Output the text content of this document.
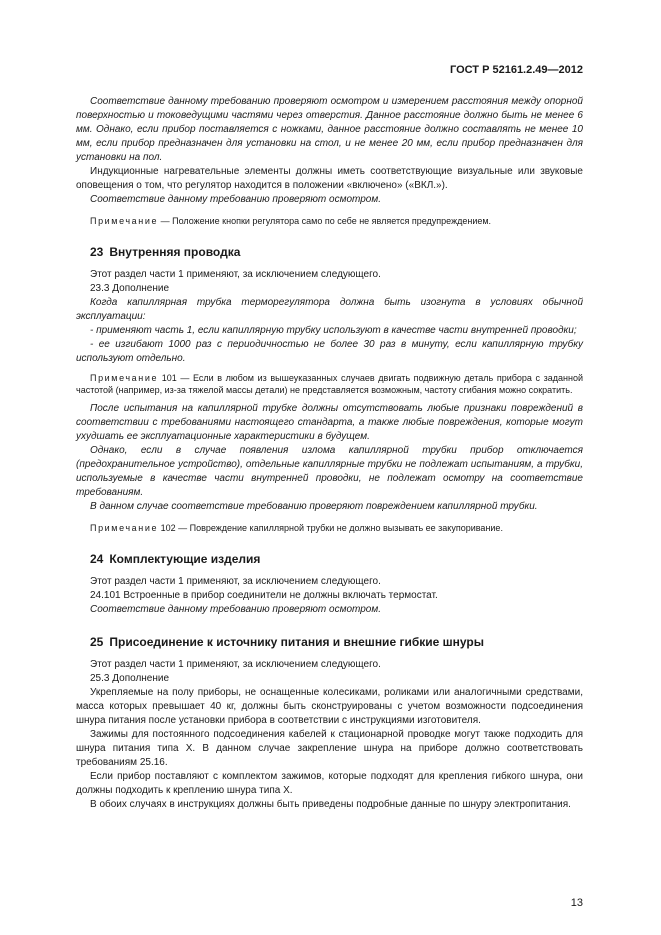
ГОСТ Р 52161.2.49—2012

Соответствие данному требованию проверяют осмотром и измерением расстояния между опорной поверхностью и токоведущими частями через отверстия. Данное расстояние должно быть не менее 6 мм. Однако, если прибор поставляется с ножками, данное расстояние должно составлять не менее 10 мм, если прибор предназначен для установки на стол, и не менее 20 мм, если прибор предназначен для установки на пол.

Индукционные нагревательные элементы должны иметь соответствующие визуальные или звуковые оповещения о том, что регулятор находится в положении «включено» («ВКЛ.»).

Соответствие данному требованию проверяют осмотром.

Примечание — Положение кнопки регулятора само по себе не является предупреждением.

23 Внутренняя проводка

Этот раздел части 1 применяют, за исключением следующего.

23.3 Дополнение

Когда капиллярная трубка терморегулятора должна быть изогнута в условиях обычной эксплуатации:

- применяют часть 1, если капиллярную трубку используют в качестве части внутренней проводки;

- ее изгибают 1000 раз с периодичностью не более 30 раз в минуту, если капиллярную трубку используют отдельно.

Примечание 101 — Если в любом из вышеуказанных случаев двигать подвижную деталь прибора с заданной частотой (например, из-за тяжелой массы детали) не представляется возможным, частоту сгибания можно сократить.

После испытания на капиллярной трубке должны отсутствовать любые признаки повреждений в соответствии с требованиями настоящего стандарта, а также любые повреждения, которые могут ухудшать ее эксплуатационные характеристики в будущем.

Однако, если в случае появления излома капиллярной трубки прибор отключается (предохранительное устройство), отдельные капиллярные трубки не подлежат испытаниям, а трубки, используемые в качестве части внутренней проводки, не подлежат осмотру на соответствие требованиям.

В данном случае соответствие требованию проверяют повреждением капиллярной трубки.

Примечание 102 — Повреждение капиллярной трубки не должно вызывать ее закупоривание.

24 Комплектующие изделия

Этот раздел части 1 применяют, за исключением следующего.

24.101 Встроенные в прибор соединители не должны включать термостат.

Соответствие данному требованию проверяют осмотром.

25 Присоединение к источнику питания и внешние гибкие шнуры

Этот раздел части 1 применяют, за исключением следующего.

25.3 Дополнение

Укрепляемые на полу приборы, не оснащенные колесиками, роликами или аналогичными средствами, масса которых превышает 40 кг, должны быть сконструированы с учетом возможности подсоединения шнура питания после установки прибора в соответствии с инструкциями изготовителя.

Зажимы для постоянного подсоединения кабелей к стационарной проводке могут также подходить для шнура питания типа X. В данном случае закрепление шнура на приборе должно соответствовать требованиям 25.16.

Если прибор поставляют с комплектом зажимов, которые подходят для крепления гибкого шнура, они должны подходить к креплению шнура типа X.

В обоих случаях в инструкциях должны быть приведены подробные данные по шнуру электропитания.

13
